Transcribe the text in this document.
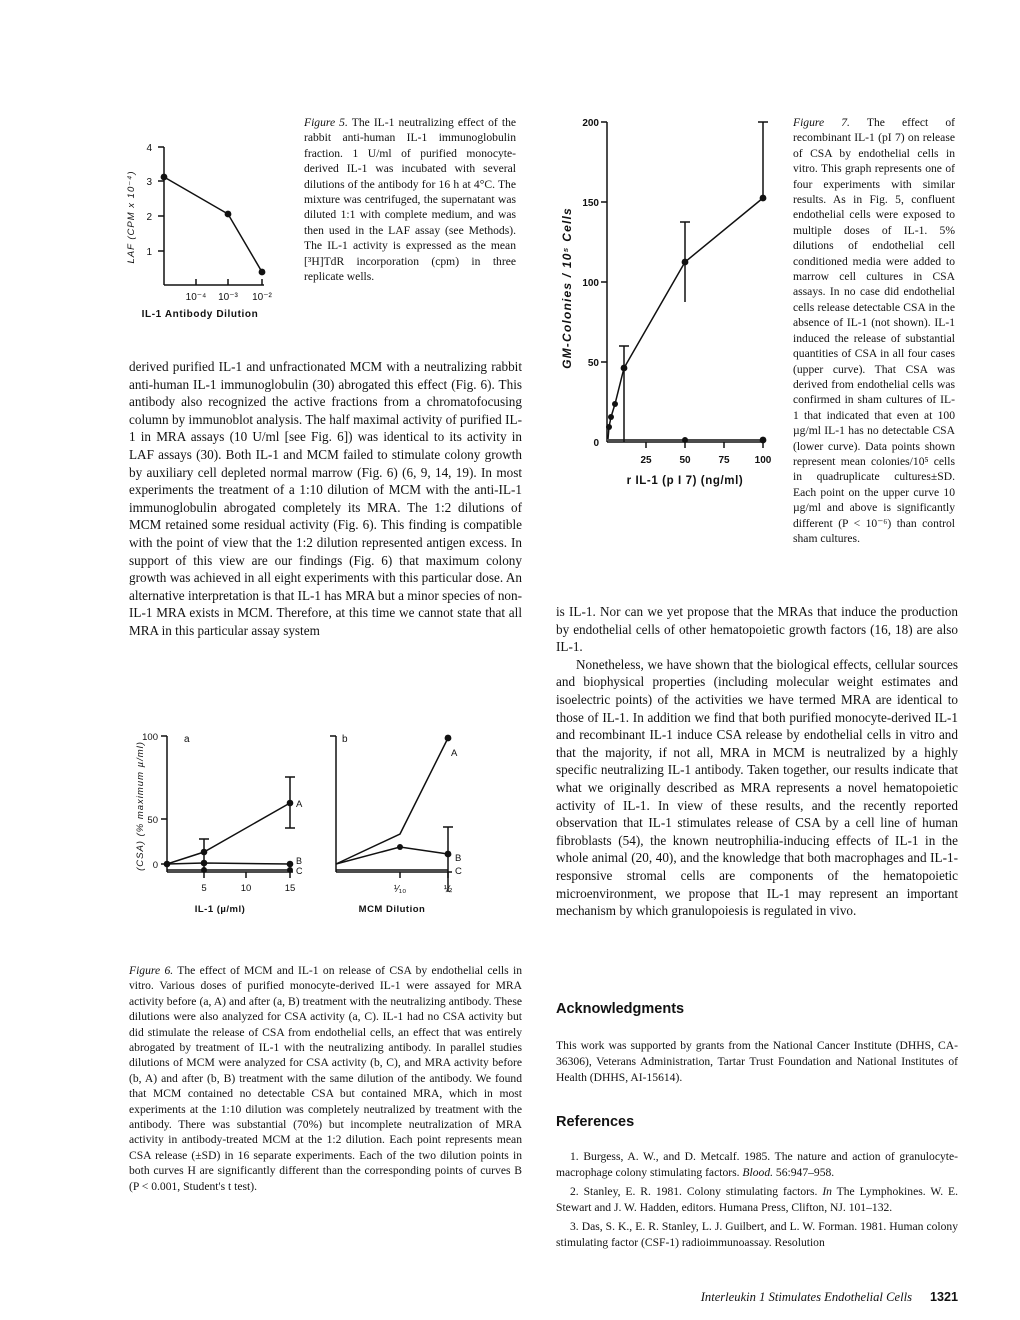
1
2
3
4
10⁻⁴ 10⁻³ 10⁻²
IL-1 Antibody Dilution
LAF (CPM x 10⁻⁴)
Figure 5. The IL-1 neutralizing effect of the rabbit anti-human IL-1 immunoglobulin fraction. 1 U/ml of purified monocyte-derived IL-1 was incubated with several dilutions of the antibody for 16 h at 4°C. The mixture was centrifuged, the supernatant was diluted 1:1 with complete medium, and was then used in the LAF assay (see Methods). The IL-1 activity is expressed as the mean [³H]TdR incorporation (cpm) in three replicate wells.
0
50
100
150
200
25	50	75	100
r IL-1 (p I 7) (ng/ml)
GM-Colonies / 10⁵ Cells
Figure 7. The effect of recombinant IL-1 (pI 7) on release of CSA by endothelial cells in vitro. This graph represents one of four experiments with similar results. As in Fig. 5, confluent endothelial cells were exposed to multiple doses of IL-1. 5% dilutions of endothelial cell conditioned media were added to marrow cell cultures in CSA assays. In no case did endothelial cells release detectable CSA in the absence of IL-1 (not shown). IL-1 induced the release of substantial quantities of CSA in all four cases (upper curve). That CSA was derived from endothelial cells was confirmed in sham cultures of IL-1 that indicated that even at 100 µg/ml IL-1 has no detectable CSA (lower curve). Data points shown represent mean colonies/10⁵ cells in quadruplicate cultures±SD. Each point on the upper curve 10 µg/ml and above is significantly different (P < 10⁻⁶) than control sham cultures.

derived purified IL-1 and unfractionated MCM with a neutralizing rabbit anti-human IL-1 immunoglobulin (30) abrogated this effect (Fig. 6). This antibody also recognized the active fractions from a chromatofocusing column by immunoblot analysis. The half maximal activity of purified IL-1 in MRA assays (10 U/ml [see Fig. 6]) was identical to its activity in LAF assays (30). Both IL-1 and MCM failed to stimulate colony growth by auxiliary cell depleted normal marrow (Fig. 6) (6, 9, 14, 19). In most experiments the treatment of a 1:10 dilution of MCM with the anti-IL-1 immunoglobulin abrogated completely its MRA. The 1:2 dilutions of MCM retained some residual activity (Fig. 6). This finding is compatible with the point of view that the 1:2 dilution represented antigen excess. In support of this view are our findings (Fig. 6) that maximum colony growth was achieved in all eight experiments with this particular dose. An alternative interpretation is that IL-1 has MRA but a minor species of non-IL-1 MRA exists in MCM. Therefore, at this time we cannot state that all MRA in this particular assay system

(CSA) (% maximum µ/ml)
a
0
50
100
5	10	15
IL-1 (µ/ml)
A
B
C
b
¹⁄₁₀	½
MCM Dilution
A
B
C
Figure 6. The effect of MCM and IL-1 on release of CSA by endothelial cells in vitro. Various doses of purified monocyte-derived IL-1 were assayed for MRA activity before (a, A) and after (a, B) treatment with the neutralizing antibody. These dilutions were also analyzed for CSA activity (a, C). IL-1 had no CSA activity but did stimulate the release of CSA from endothelial cells, an effect that was entirely abrogated by treatment of IL-1 with the neutralizing antibody. In parallel studies dilutions of MCM were analyzed for CSA activity (b, C), and MRA activity before (b, A) and after (b, B) treatment with the same dilution of the antibody. We found that MCM contained no detectable CSA but contained MRA, which in most experiments at the 1:10 dilution was completely neutralized by treatment with the antibody. There was substantial (70%) but incomplete neutralization of MRA activity in antibody-treated MCM at the 1:2 dilution. Each point represents mean CSA release (±SD) in 16 separate experiments. Each of the two dilution points in both curves H are significantly different than the corresponding points of curves B (P < 0.001, Student's t test).

is IL-1. Nor can we yet propose that the MRAs that induce the production by endothelial cells of other hematopoietic growth factors (16, 18) are also IL-1.

Nonetheless, we have shown that the biological effects, cellular sources and biophysical properties (including molecular weight estimates and isoelectric points) of the activities we have termed MRA are identical to those of IL-1. In addition we find that both purified monocyte-derived IL-1 and recombinant IL-1 induce CSA release by endothelial cells in vitro and that the majority, if not all, MRA in MCM is neutralized by a highly specific neutralizing IL-1 antibody. Taken together, our results indicate that what we originally described as MRA represents a novel hematopoietic activity of IL-1. In view of these results, and the recently reported observation that IL-1 stimulates release of CSA by a cell line of human fibroblasts (54), the known neutrophilia-inducing effects of IL-1 in the whole animal (20, 40), and the knowledge that both macrophages and IL-1-responsive stromal cells are components of the hematopoietic microenvironment, we propose that IL-1 may represent an important mechanism by which granulopoiesis is regulated in vivo.

Acknowledgments
This work was supported by grants from the National Cancer Institute (DHHS, CA-36306), Veterans Administration, Tartar Trust Foundation and National Institutes of Health (DHHS, AI-15614).
References

1. Burgess, A. W., and D. Metcalf. 1985. The nature and action of granulocyte-macrophage colony stimulating factors. Blood. 56:947–958.

2. Stanley, E. R. 1981. Colony stimulating factors. In The Lymphokines. W. E. Stewart and J. W. Hadden, editors. Humana Press, Clifton, NJ. 101–132.

3. Das, S. K., E. R. Stanley, L. J. Guilbert, and L. W. Forman. 1981. Human colony stimulating factor (CSF-1) radioimmunoassay. Resolution

Interleukin 1 Stimulates Endothelial Cells 1321
